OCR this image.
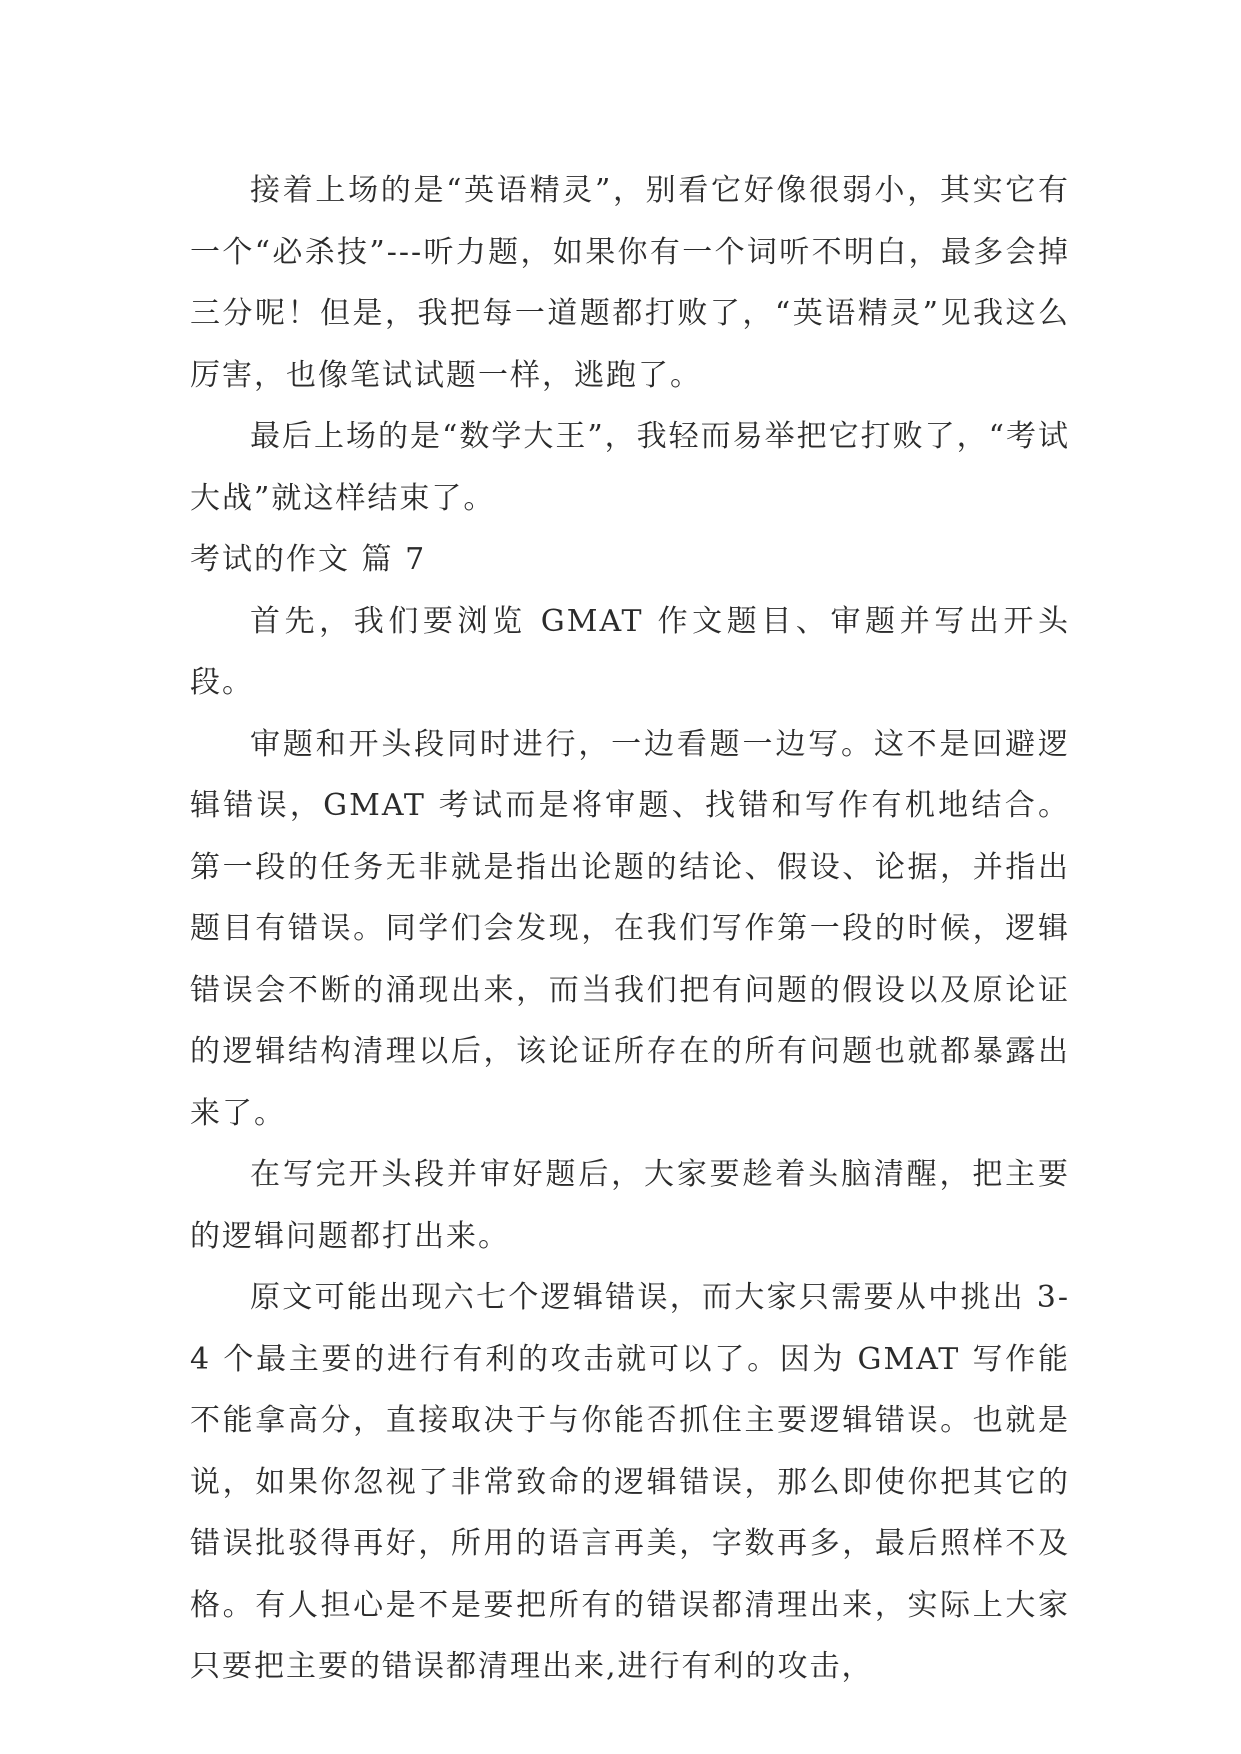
接着上场的是“英语精灵”，别看它好像很弱小，其实它有一个“必杀技”---听力题，如果你有一个词听不明白，最多会掉三分呢！但是，我把每一道题都打败了，“英语精灵”见我这么厉害，也像笔试试题一样，逃跑了。

最后上场的是“数学大王”，我轻而易举把它打败了，“考试大战”就这样结束了。

考试的作文 篇 7

首先，我们要浏览 GMAT 作文题目、审题并写出开头段。

审题和开头段同时进行，一边看题一边写。这不是回避逻辑错误，GMAT 考试而是将审题、找错和写作有机地结合。第一段的任务无非就是指出论题的结论、假设、论据，并指出题目有错误。同学们会发现，在我们写作第一段的时候，逻辑错误会不断的涌现出来，而当我们把有问题的假设以及原论证的逻辑结构清理以后，该论证所存在的所有问题也就都暴露出来了。

在写完开头段并审好题后，大家要趁着头脑清醒，把主要的逻辑问题都打出来。

原文可能出现六七个逻辑错误，而大家只需要从中挑出 3-4 个最主要的进行有利的攻击就可以了。因为 GMAT 写作能不能拿高分，直接取决于与你能否抓住主要逻辑错误。也就是说，如果你忽视了非常致命的逻辑错误，那么即使你把其它的错误批驳得再好，所用的语言再美，字数再多，最后照样不及格。有人担心是不是要把所有的错误都清理出来，实际上大家只要把主要的错误都清理出来,进行有利的攻击，
